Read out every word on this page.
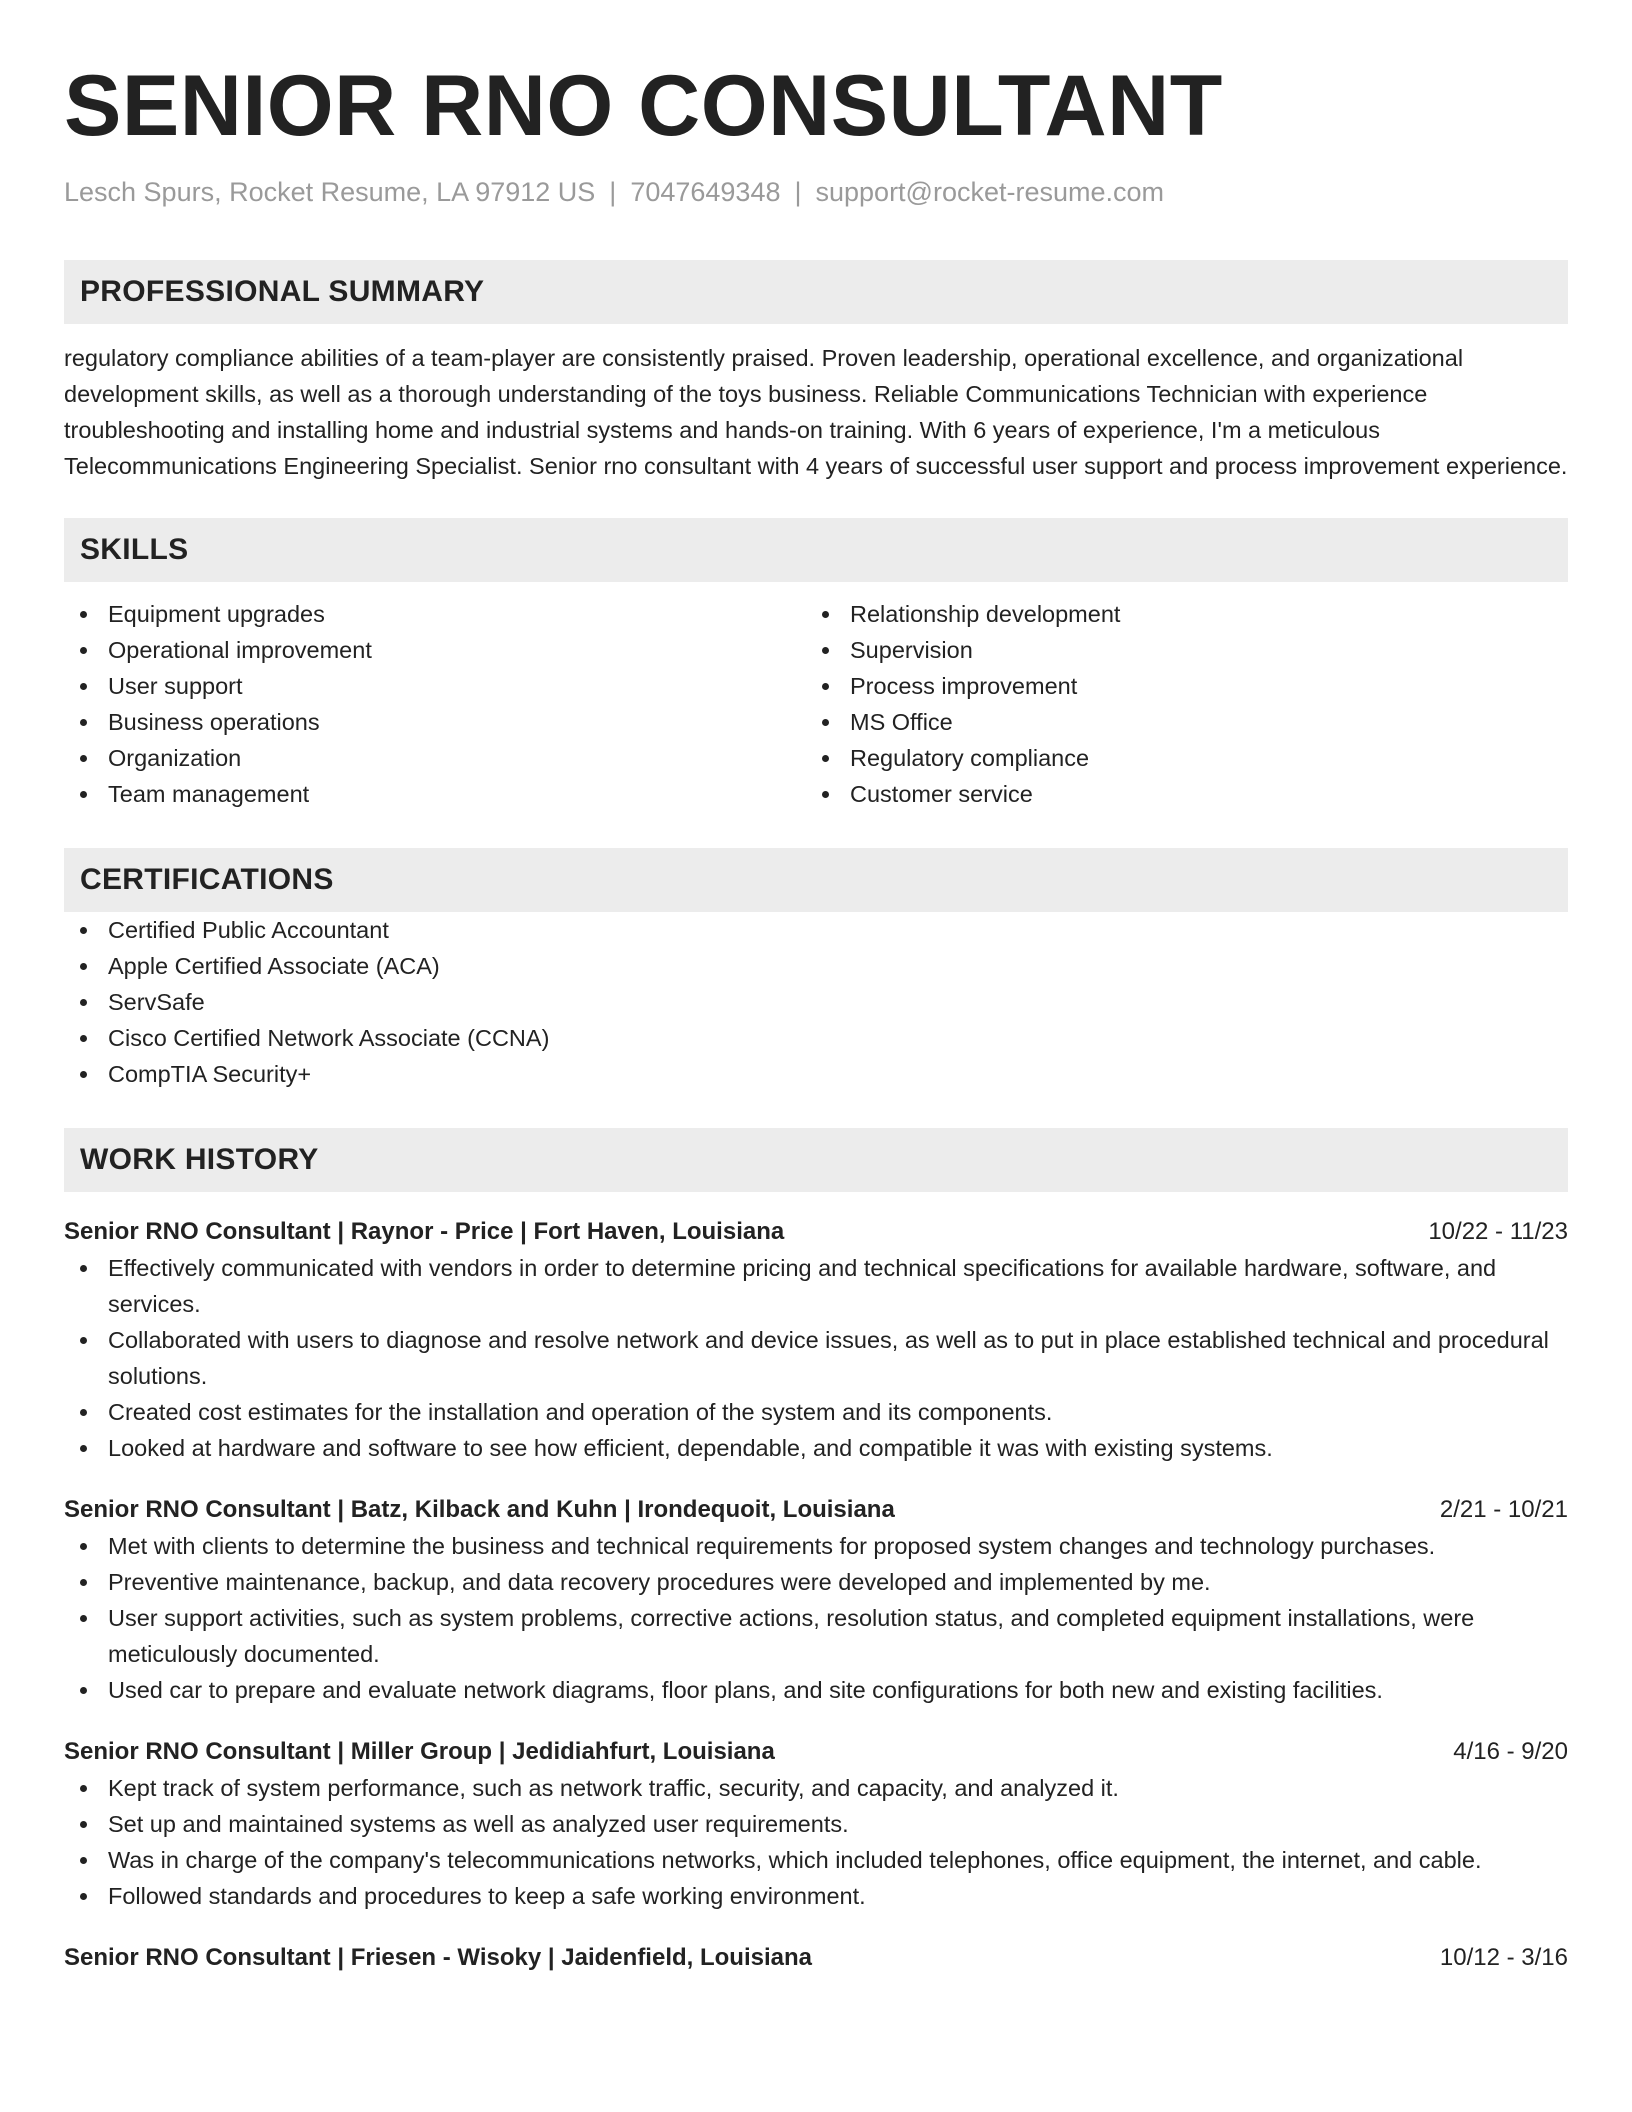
SENIOR RNO CONSULTANT
Lesch Spurs, Rocket Resume, LA 97912 US | 7047649348 | support@rocket-resume.com
PROFESSIONAL SUMMARY

regulatory compliance abilities of a team-player are consistently praised. Proven leadership, operational excellence, and organizational development skills, as well as a thorough understanding of the toys business. Reliable Communications Technician with experience troubleshooting and installing home and industrial systems and hands-on training. With 6 years of experience, I'm a meticulous Telecommunications Engineering Specialist. Senior rno consultant with 4 years of successful user support and process improvement experience.

SKILLS
Equipment upgrades
Operational improvement
User support
Business operations
Organization
Team management
Relationship development
Supervision
Process improvement
MS Office
Regulatory compliance
Customer service
CERTIFICATIONS
Certified Public Accountant
Apple Certified Associate (ACA)
ServSafe
Cisco Certified Network Associate (CCNA)
CompTIA Security+
WORK HISTORY
Senior RNO Consultant | Raynor - Price | Fort Haven, Louisiana	10/22 - 11/23
Effectively communicated with vendors in order to determine pricing and technical specifications for available hardware, software, and services.
Collaborated with users to diagnose and resolve network and device issues, as well as to put in place established technical and procedural solutions.
Created cost estimates for the installation and operation of the system and its components.
Looked at hardware and software to see how efficient, dependable, and compatible it was with existing systems.
Senior RNO Consultant | Batz, Kilback and Kuhn | Irondequoit, Louisiana	2/21 - 10/21
Met with clients to determine the business and technical requirements for proposed system changes and technology purchases.
Preventive maintenance, backup, and data recovery procedures were developed and implemented by me.
User support activities, such as system problems, corrective actions, resolution status, and completed equipment installations, were meticulously documented.
Used car to prepare and evaluate network diagrams, floor plans, and site configurations for both new and existing facilities.
Senior RNO Consultant | Miller Group | Jedidiahfurt, Louisiana	4/16 - 9/20
Kept track of system performance, such as network traffic, security, and capacity, and analyzed it.
Set up and maintained systems as well as analyzed user requirements.
Was in charge of the company's telecommunications networks, which included telephones, office equipment, the internet, and cable.
Followed standards and procedures to keep a safe working environment.
Senior RNO Consultant | Friesen - Wisoky | Jaidenfield, Louisiana	10/12 - 3/16
